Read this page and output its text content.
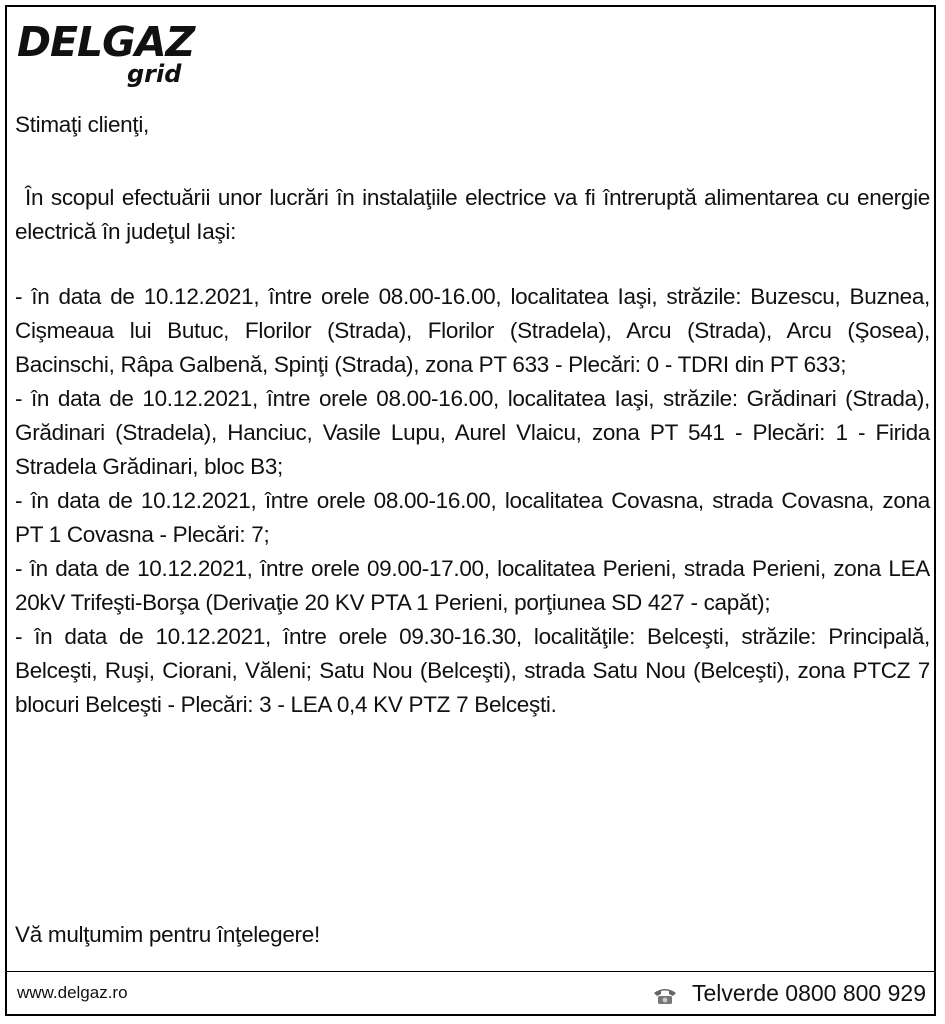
DELGAZ
grid

Stimaţi clienţi,

În scopul efectuării unor lucrări în instalaţiile electrice va fi întreruptă alimentarea cu energie electrică în judeţul Iaşi:

- în data de 10.12.2021, între orele 08.00-16.00, localitatea Iaşi, străzile: Buzescu, Buznea, Cişmeaua lui Butuc, Florilor (Strada), Florilor (Stradela), Arcu (Strada), Arcu (Şosea), Bacinschi, Râpa Galbenă, Spinţi (Strada), zona PT 633 - Plecări: 0 - TDRI din PT 633;

- în data de 10.12.2021, între orele 08.00-16.00, localitatea Iaşi, străzile: Grădinari (Strada), Grădinari (Stradela), Hanciuc, Vasile Lupu, Aurel Vlaicu, zona PT 541 - Plecări: 1 - Firida Stradela Grădinari, bloc B3;

- în data de 10.12.2021, între orele 08.00-16.00, localitatea Covasna, strada Covasna, zona PT 1 Covasna - Plecări: 7;

- în data de 10.12.2021, între orele 09.00-17.00, localitatea Perieni, strada Perieni, zona LEA 20kV Trifeşti-Borşa (Derivaţie 20 KV PTA 1 Perieni, porţiunea SD 427 - capăt);

- în data de 10.12.2021, între orele 09.30-16.30, localităţile: Belceşti, străzile: Principală, Belceşti, Ruşi, Ciorani, Văleni; Satu Nou (Belceşti), strada Satu Nou (Belceşti), zona PTCZ 7 blocuri Belceşti - Plecări: 3 - LEA 0,4 KV PTZ 7 Belceşti.

Vă mulţumim pentru înţelegere!
www.delgaz.ro	Telverde 0800 800 929
